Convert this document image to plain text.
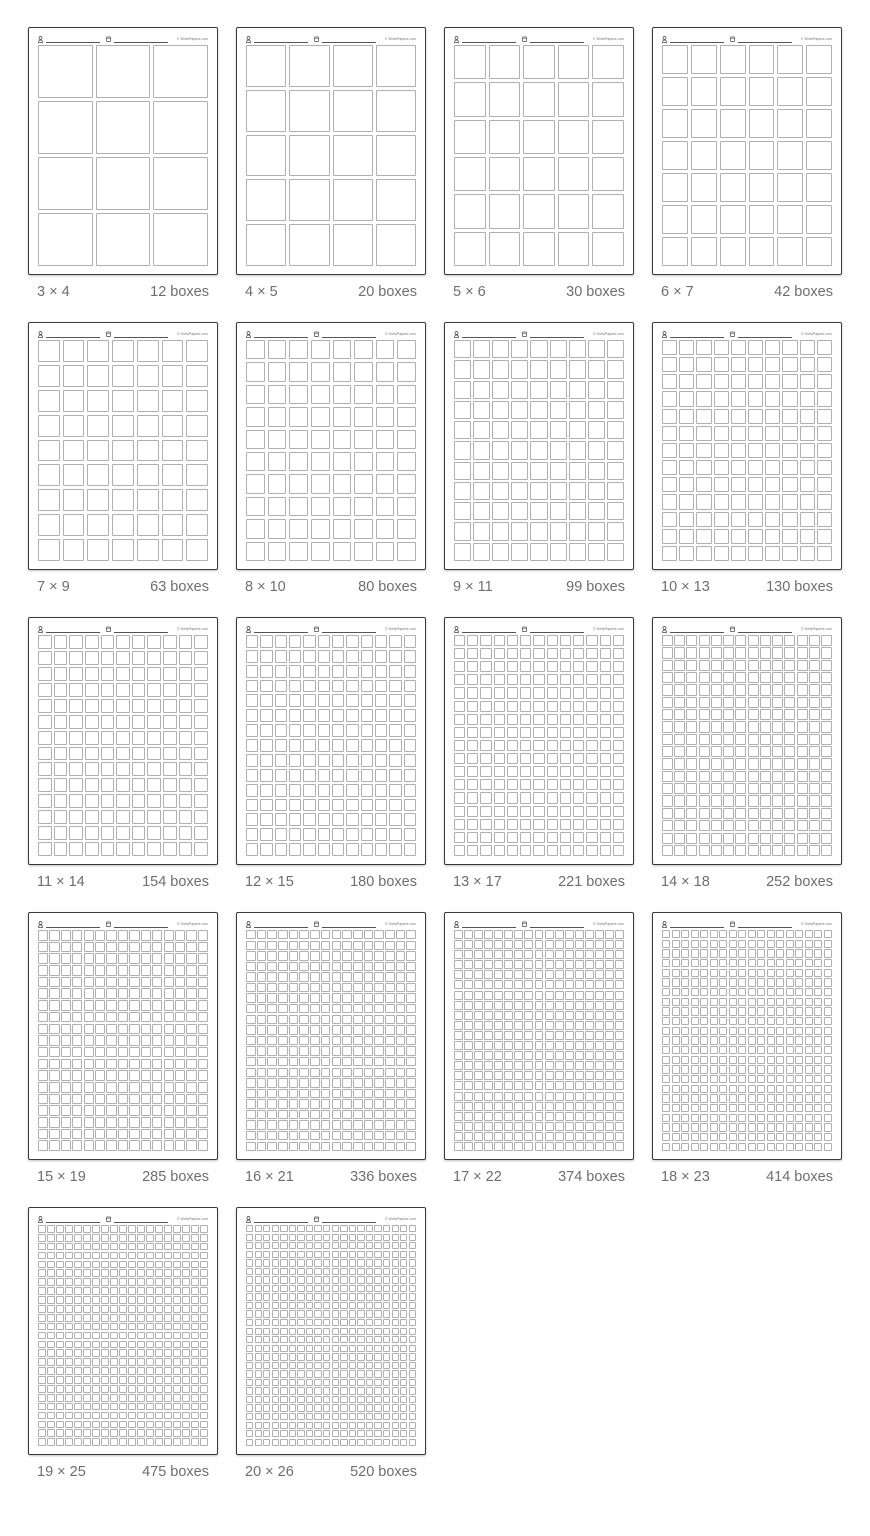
© WritePapers.com
3 × 4	12 boxes
© WritePapers.com
4 × 5	20 boxes
© WritePapers.com
5 × 6	30 boxes
© WritePapers.com
6 × 7	42 boxes
© WritePapers.com
7 × 9	63 boxes
© WritePapers.com
8 × 10	80 boxes
© WritePapers.com
9 × 11	99 boxes
© WritePapers.com
10 × 13	130 boxes
© WritePapers.com
11 × 14	154 boxes
© WritePapers.com
12 × 15	180 boxes
© WritePapers.com
13 × 17	221 boxes
© WritePapers.com
14 × 18	252 boxes
© WritePapers.com
15 × 19	285 boxes
© WritePapers.com
16 × 21	336 boxes
© WritePapers.com
17 × 22	374 boxes
© WritePapers.com
18 × 23	414 boxes
© WritePapers.com
19 × 25	475 boxes
© WritePapers.com
20 × 26	520 boxes
